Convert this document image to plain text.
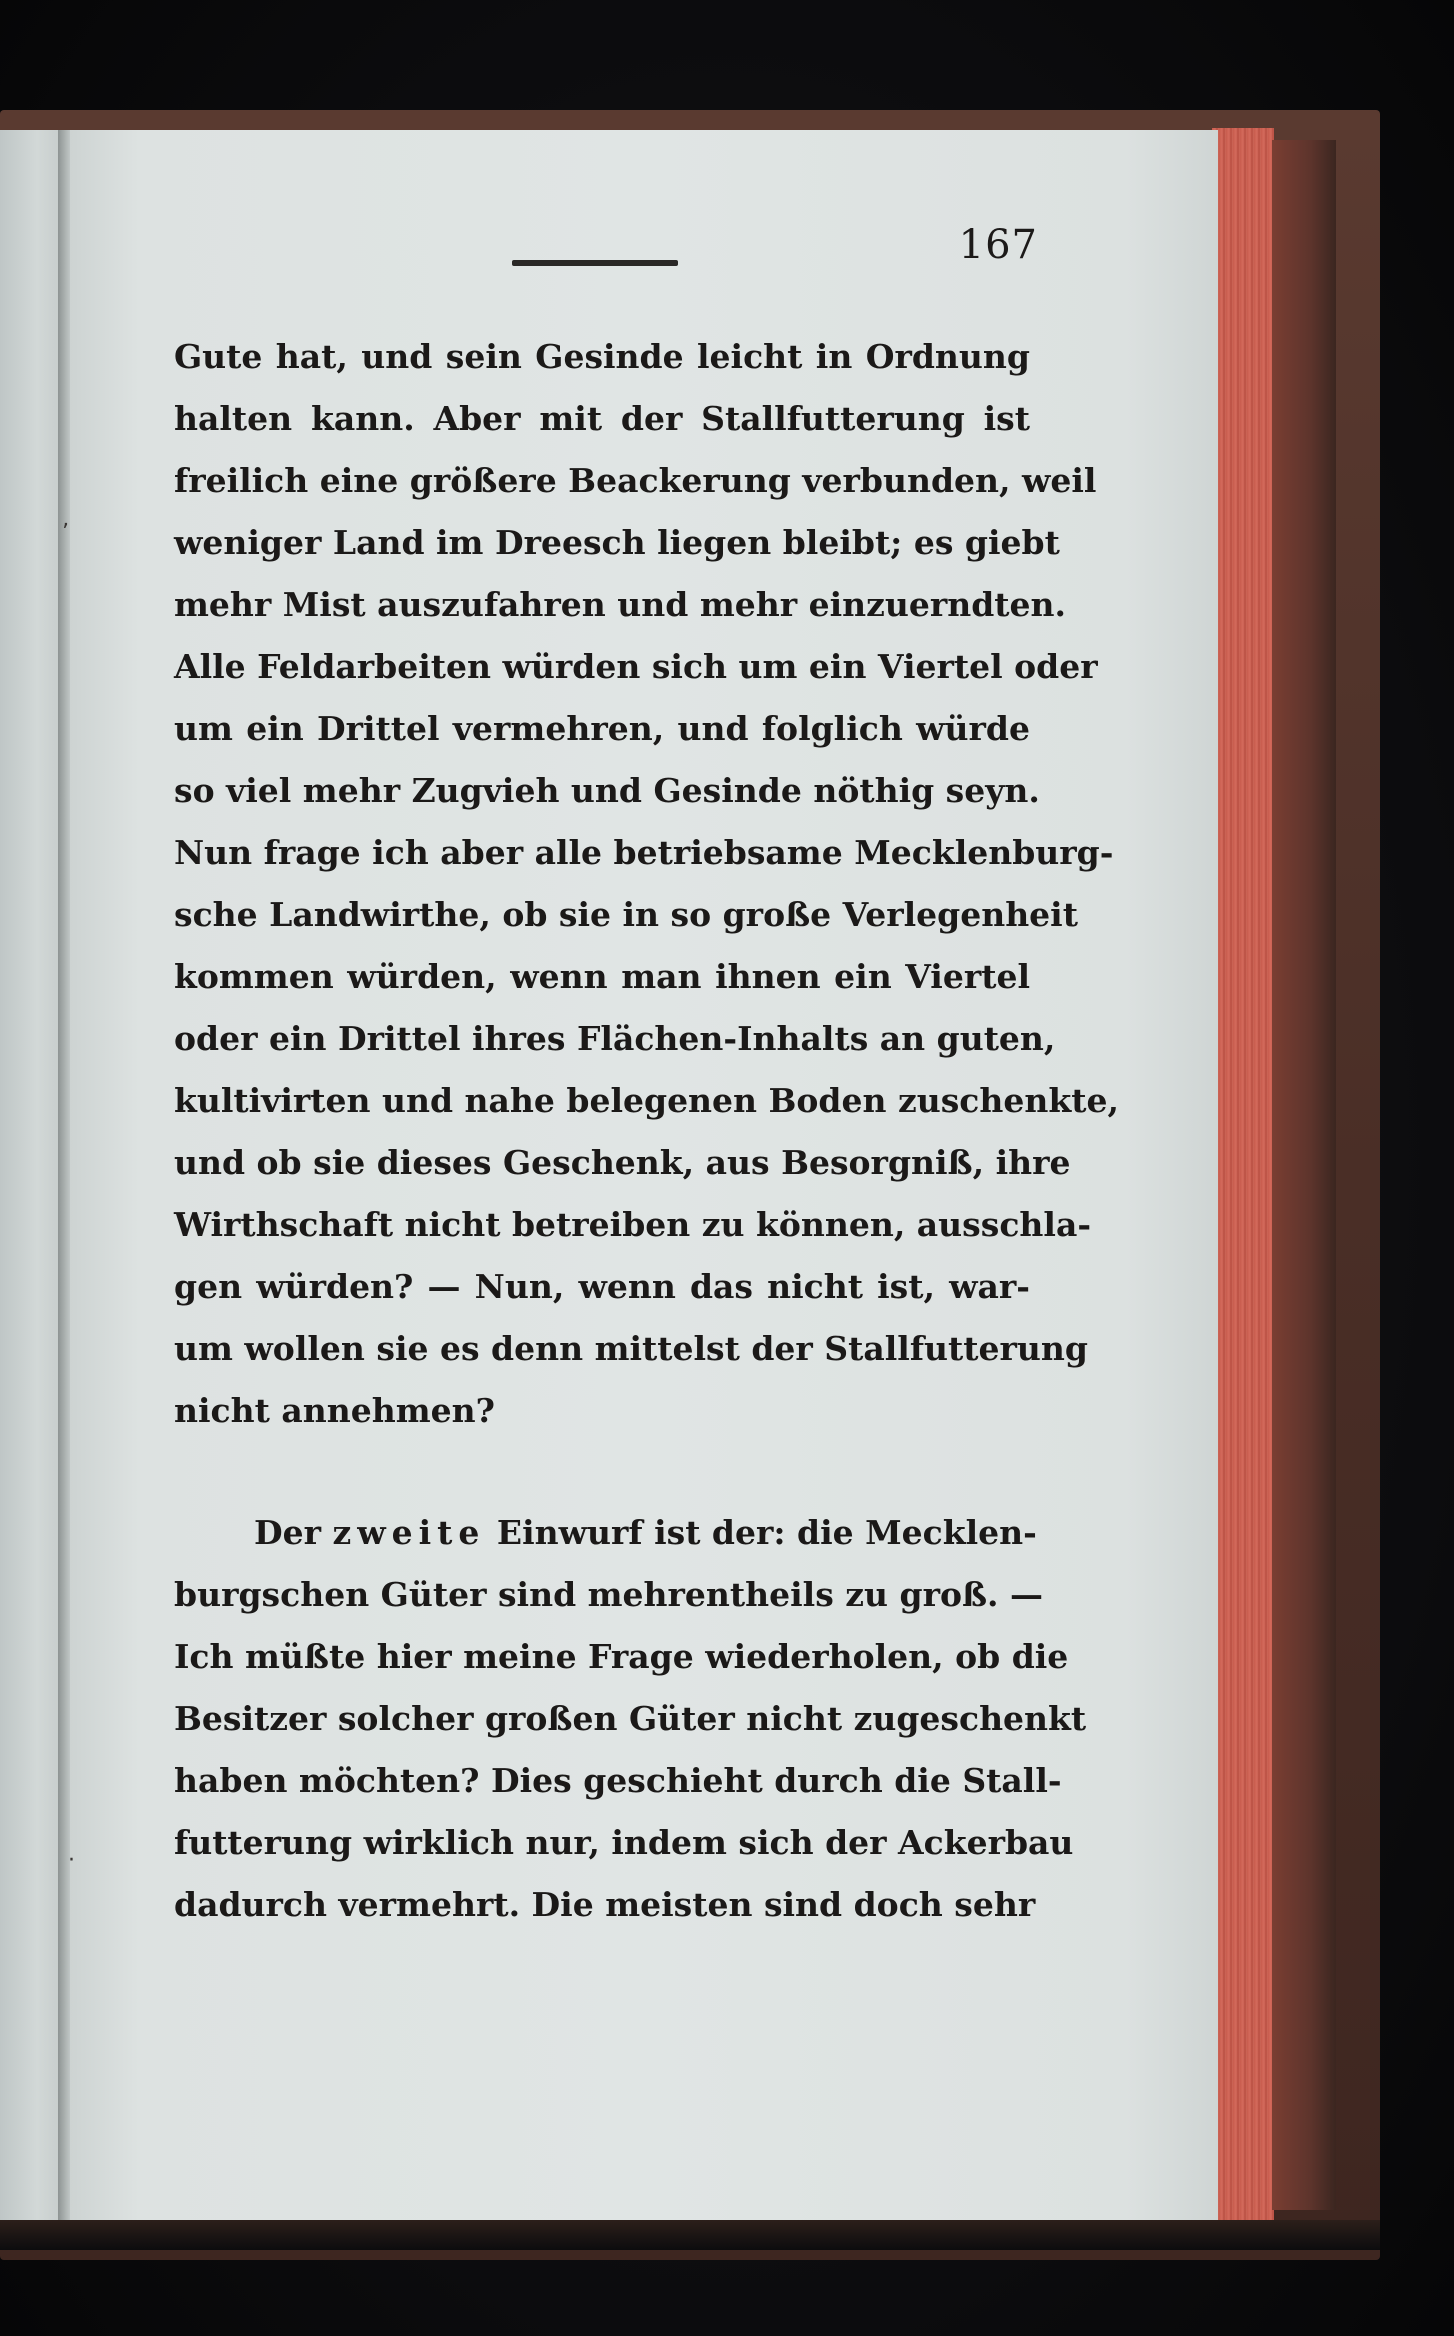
167
ʼ
·
Gute hat, und sein Gesinde leicht in Ordnung
halten kann. Aber mit der Stallfutterung ist
freilich eine größere Beackerung verbunden, weil
weniger Land im Dreesch liegen bleibt; es giebt
mehr Mist auszufahren und mehr einzuerndten.
Alle Feldarbeiten würden sich um ein Viertel oder
um ein Drittel vermehren, und folglich würde
so viel mehr Zugvieh und Gesinde nöthig seyn.
Nun frage ich aber alle betriebsame Mecklenburg-
sche Landwirthe, ob sie in so große Verlegenheit
kommen würden, wenn man ihnen ein Viertel
oder ein Drittel ihres Flächen-Inhalts an guten,
kultivirten und nahe belegenen Boden zuschenkte,
und ob sie dieses Geschenk, aus Besorgniß, ihre
Wirthschaft nicht betreiben zu können, ausschla-
gen würden? — Nun, wenn das nicht ist, war-
um wollen sie es denn mittelst der Stallfutterung
nicht annehmen?
Der zweite Einwurf ist der: die Mecklen-
burgschen Güter sind mehrentheils zu groß. —
Ich müßte hier meine Frage wiederholen, ob die
Besitzer solcher großen Güter nicht zugeschenkt
haben möchten? Dies geschieht durch die Stall-
futterung wirklich nur, indem sich der Ackerbau
dadurch vermehrt. Die meisten sind doch sehr
